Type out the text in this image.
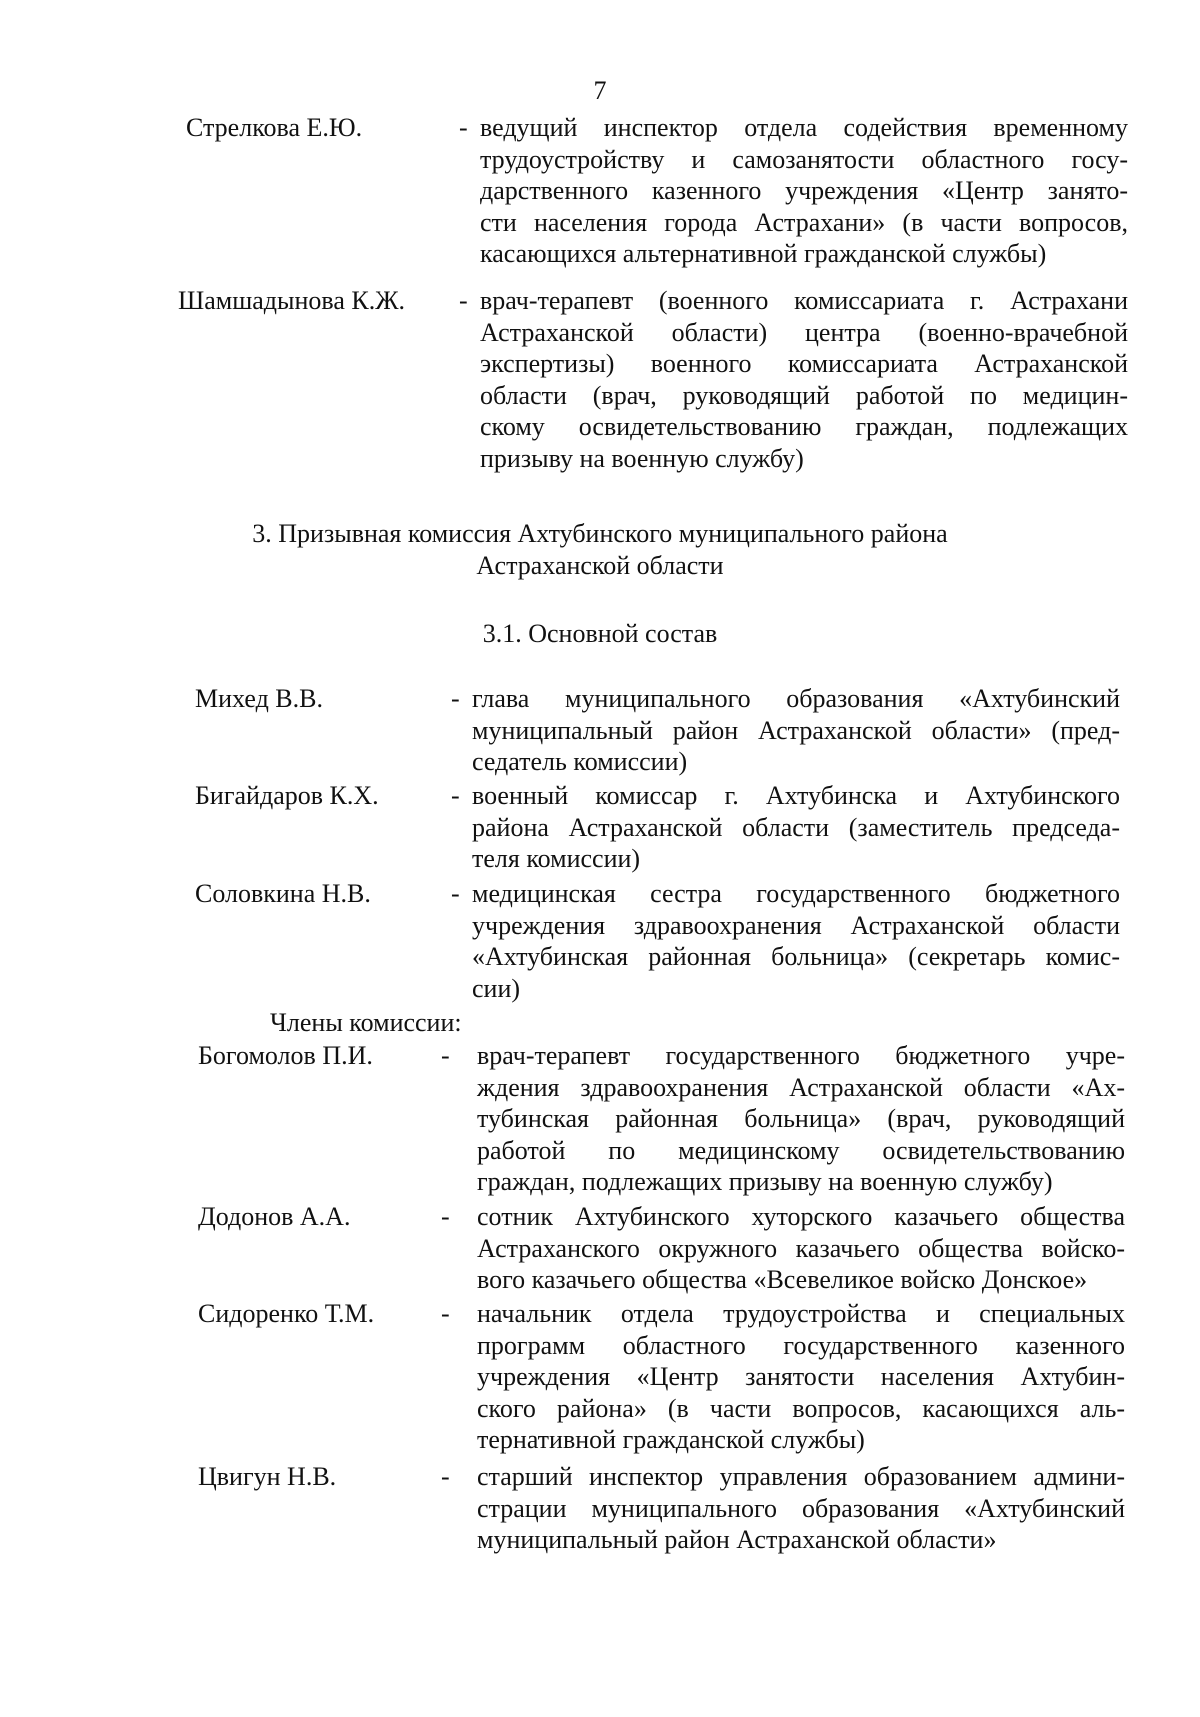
7
Стрелкова Е.Ю.	- ведущий инспектор отдела содействия временному
трудоустройству и самозанятости областного госу-
дарственного казенного учреждения «Центр занято-
сти населения города Астрахани» (в части вопросов,
касающихся альтернативной гражданской службы)
Шамшадынова К.Ж. - врач-терапевт (военного комиссариата г. Астрахани
Астраханской области) центра (военно-врачебной
экспертизы) военного комиссариата Астраханской
области (врач, руководящий работой по медицин-
скому освидетельствованию граждан, подлежащих
призыву на военную службу)
3. Призывная комиссия Ахтубинского муниципального района
Астраханской области
3.1. Основной состав
Михед В.В.	- глава муниципального образования «Ахтубинский
муниципальный район Астраханской области» (пред-
седатель комиссии)
Бигайдаров К.Х.	- военный комиссар г. Ахтубинска и Ахтубинского
района Астраханской области (заместитель председа-
теля комиссии)
Соловкина Н.В.	- медицинская сестра государственного бюджетного
учреждения здравоохранения Астраханской области
«Ахтубинская районная больница» (секретарь комис-
сии)
Члены комиссии:
Богомолов П.И.	- врач-терапевт государственного бюджетного учре-
ждения здравоохранения Астраханской области «Ах-
тубинская районная больница» (врач, руководящий
работой по медицинскому освидетельствованию
граждан, подлежащих призыву на военную службу)
Додонов А.А.	- сотник Ахтубинского хуторского казачьего общества
Астраханского окружного казачьего общества войско-
вого казачьего общества «Всевеликое войско Донское»
Сидоренко Т.М.	- начальник отдела трудоустройства и специальных
программ областного государственного казенного
учреждения «Центр занятости населения Ахтубин-
ского района» (в части вопросов, касающихся аль-
тернативной гражданской службы)
Цвигун Н.В.	- старший инспектор управления образованием админи-
страции муниципального образования «Ахтубинский
муниципальный район Астраханской области»
